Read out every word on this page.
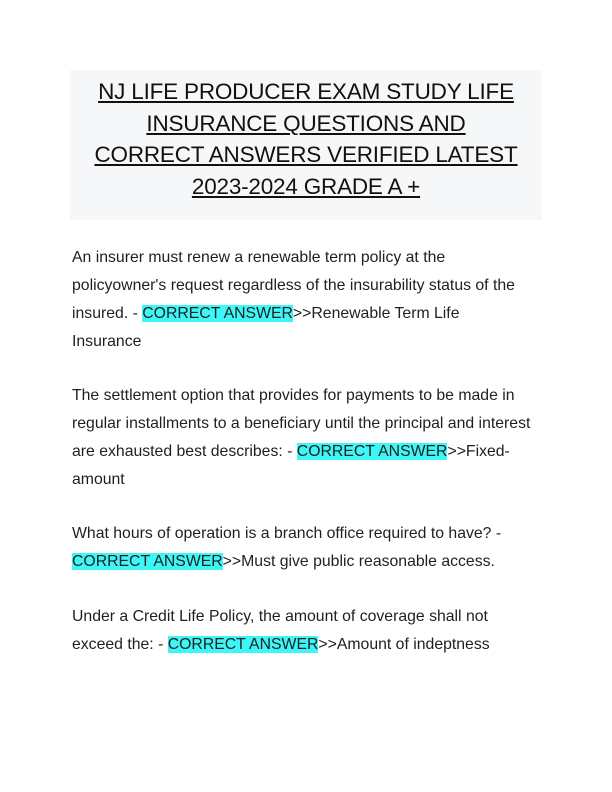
NJ LIFE PRODUCER EXAM STUDY LIFE
INSURANCE QUESTIONS AND
CORRECT ANSWERS VERIFIED LATEST
2023-2024 GRADE A +
An insurer must renew a renewable term policy at the
policyowner's request regardless of the insurability status of the
insured. - CORRECT ANSWER>>Renewable Term Life
Insurance
The settlement option that provides for payments to be made in
regular installments to a beneficiary until the principal and interest
are exhausted best describes: - CORRECT ANSWER>>Fixed-
amount
What hours of operation is a branch office required to have? -
CORRECT ANSWER>>Must give public reasonable access.
Under a Credit Life Policy, the amount of coverage shall not
exceed the: - CORRECT ANSWER>>Amount of indeptness
